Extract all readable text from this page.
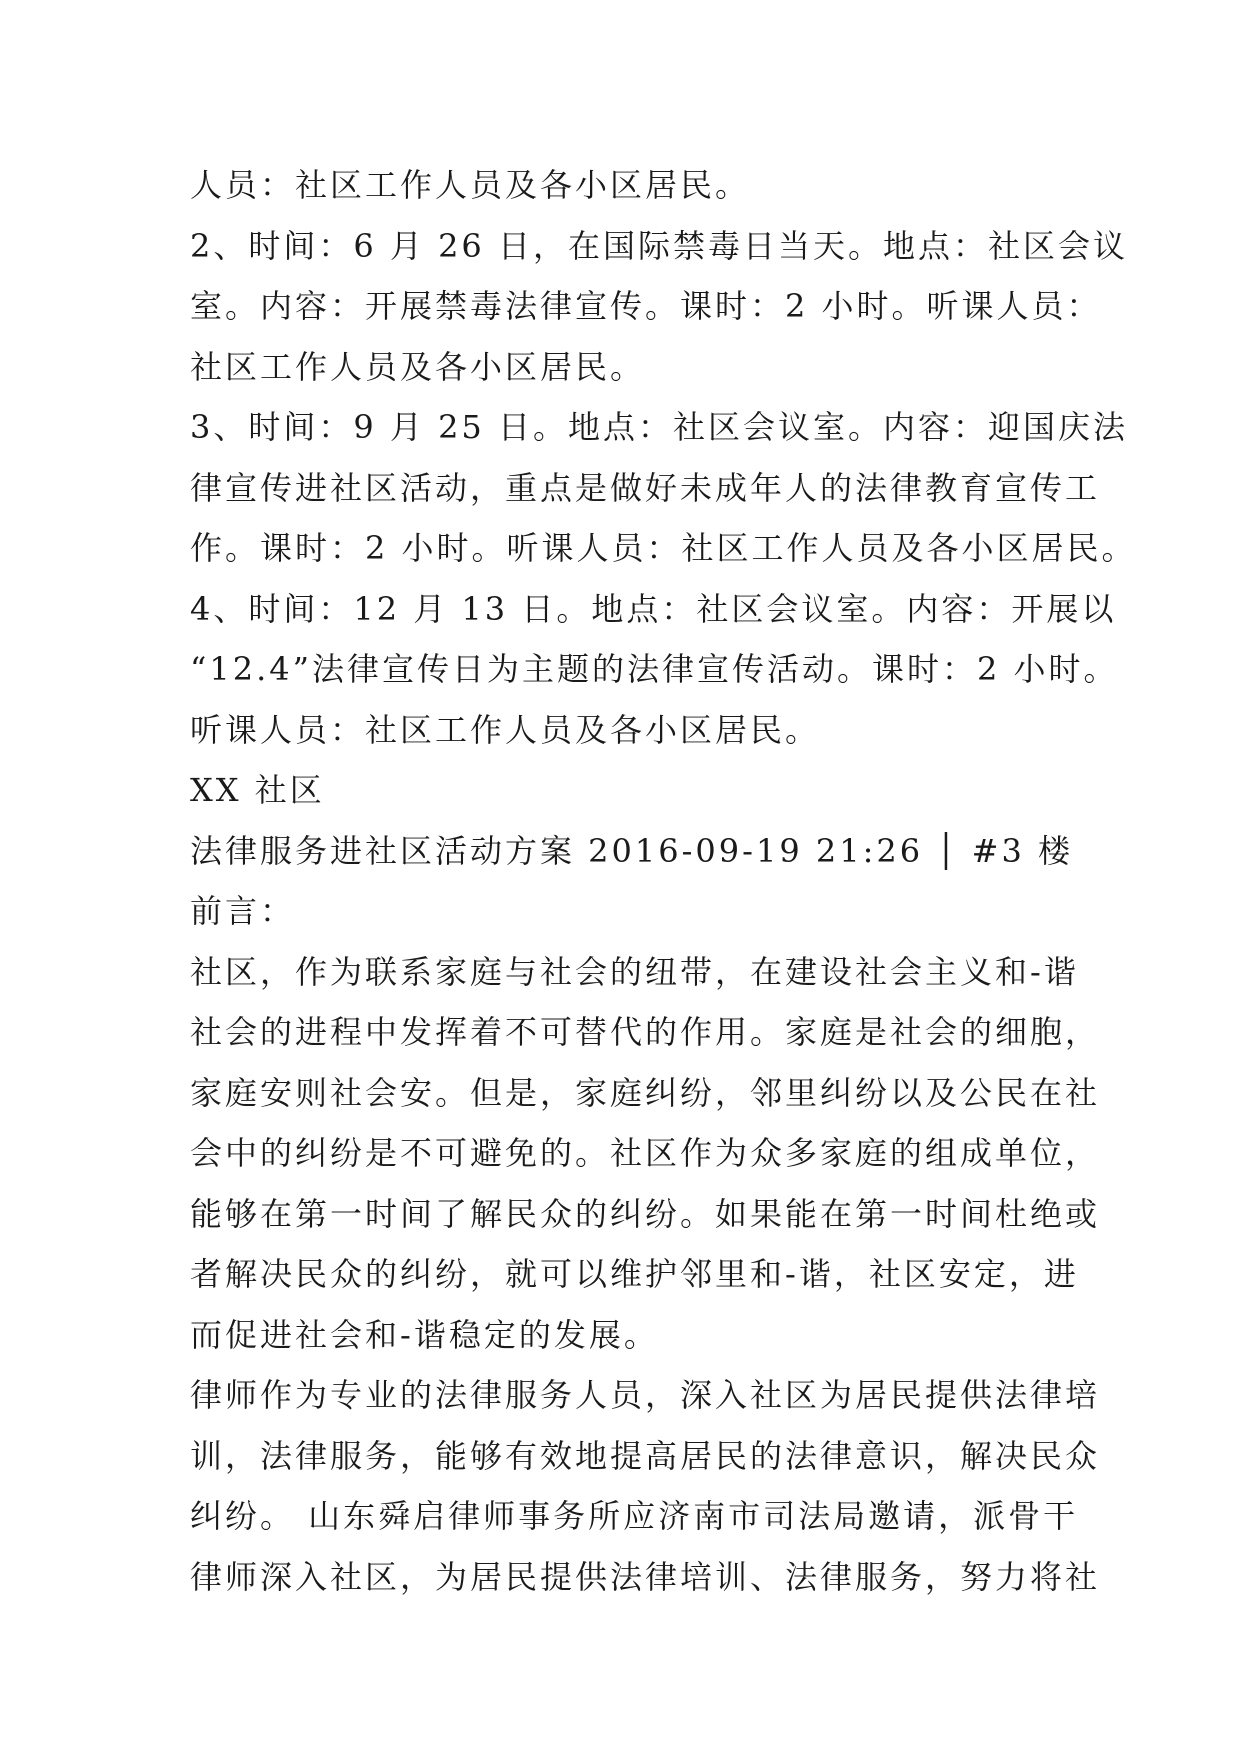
人员：社区工作人员及各小区居民。
2、时间：6 月 26 日，在国际禁毒日当天。地点：社区会议
室。内容：开展禁毒法律宣传。课时：2 小时。听课人员：
社区工作人员及各小区居民。
3、时间：9 月 25 日。地点：社区会议室。内容：迎国庆法
律宣传进社区活动，重点是做好未成年人的法律教育宣传工
作。课时：2 小时。听课人员：社区工作人员及各小区居民。
4、时间：12 月 13 日。地点：社区会议室。内容：开展以
“12.4”法律宣传日为主题的法律宣传活动。课时：2 小时。
听课人员：社区工作人员及各小区居民。
XX 社区
法律服务进社区活动方案 2016-09-19 21:26 │ #3 楼
前言：
社区，作为联系家庭与社会的纽带，在建设社会主义和-谐
社会的进程中发挥着不可替代的作用。家庭是社会的细胞，
家庭安则社会安。但是，家庭纠纷，邻里纠纷以及公民在社
会中的纠纷是不可避免的。社区作为众多家庭的组成单位，
能够在第一时间了解民众的纠纷。如果能在第一时间杜绝或
者解决民众的纠纷，就可以维护邻里和-谐，社区安定，进
而促进社会和-谐稳定的发展。
律师作为专业的法律服务人员，深入社区为居民提供法律培
训，法律服务，能够有效地提高居民的法律意识，解决民众
纠纷。 山东舜启律师事务所应济南市司法局邀请，派骨干
律师深入社区，为居民提供法律培训、法律服务，努力将社
